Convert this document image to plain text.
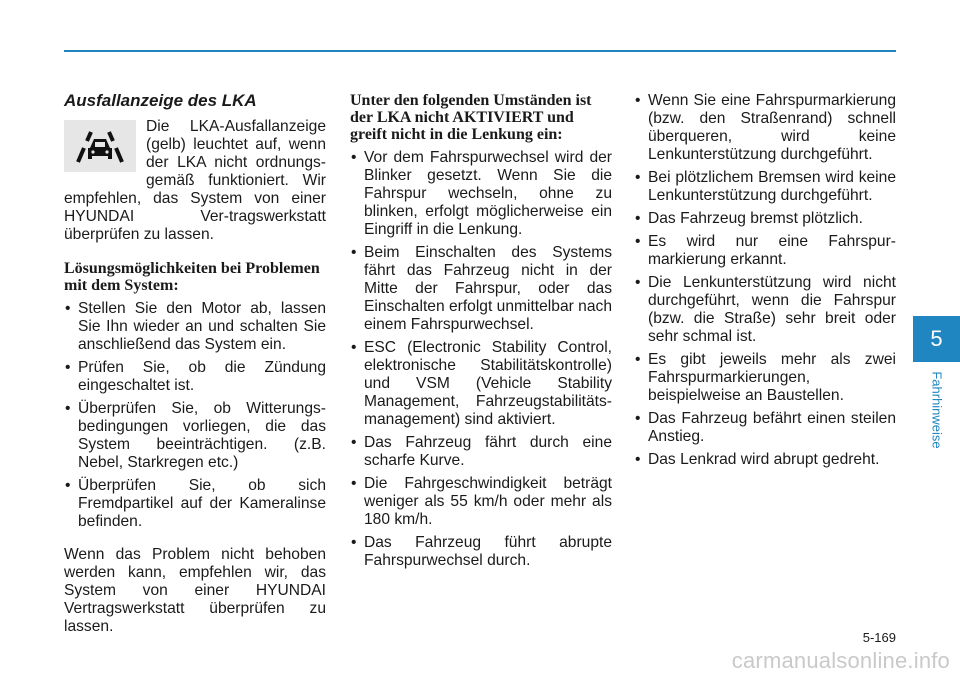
Ausfallanzeige des LKA

Die LKA-Ausfallanzeige (gelb) leuchtet auf, wenn der LKA nicht ordnungs-gemäß funktioniert. Wir empfehlen, das System von einer HYUNDAI Ver-tragswerkstatt überprüfen zu lassen.

Lösungsmöglichkeiten bei Problemen mit dem System:
• Stellen Sie den Motor ab, lassen Sie Ihn wieder an und schalten Sie anschließend das System ein.
• Prüfen Sie, ob die Zündung eingeschaltet ist.
• Überprüfen Sie, ob Witterungs-bedingungen vorliegen, die das System beeinträchtigen. (z.B. Nebel, Starkregen etc.)
• Überprüfen Sie, ob sich Fremdpartikel auf der Kameralinse befinden.

Wenn das Problem nicht behoben werden kann, empfehlen wir, das System von einer HYUNDAI Vertragswerkstatt überprüfen zu lassen.

Unter den folgenden Umständen ist der LKA nicht AKTIVIERT und greift nicht in die Lenkung ein:
• Vor dem Fahrspurwechsel wird der Blinker gesetzt. Wenn Sie die Fahrspur wechseln, ohne zu blinken, erfolgt möglicherweise ein Eingriff in die Lenkung.
• Beim Einschalten des Systems fährt das Fahrzeug nicht in der Mitte der Fahrspur, oder das Einschalten erfolgt unmittelbar nach einem Fahrspurwechsel.
• ESC (Electronic Stability Control, elektronische Stabilitätskontrolle) und VSM (Vehicle Stability Management, Fahrzeugstabilitäts-management) sind aktiviert.
• Das Fahrzeug fährt durch eine scharfe Kurve.
• Die Fahrgeschwindigkeit beträgt weniger als 55 km/h oder mehr als 180 km/h.
• Das Fahrzeug führt abrupte Fahrspurwechsel durch.
• Wenn Sie eine Fahrspurmarkierung (bzw. den Straßenrand) schnell überqueren, wird keine Lenkunterstützung durchgeführt.
• Bei plötzlichem Bremsen wird keine Lenkunterstützung durchgeführt.
• Das Fahrzeug bremst plötzlich.
• Es wird nur eine Fahrspur-markierung erkannt.
• Die Lenkunterstützung wird nicht durchgeführt, wenn die Fahrspur (bzw. die Straße) sehr breit oder sehr schmal ist.
• Es gibt jeweils mehr als zwei Fahrspurmarkierungen, beispielweise an Baustellen.
• Das Fahrzeug befährt einen steilen Anstieg.
• Das Lenkrad wird abrupt gedreht.
5
Fahrhinweise
5-169
carmanualsonline.info
